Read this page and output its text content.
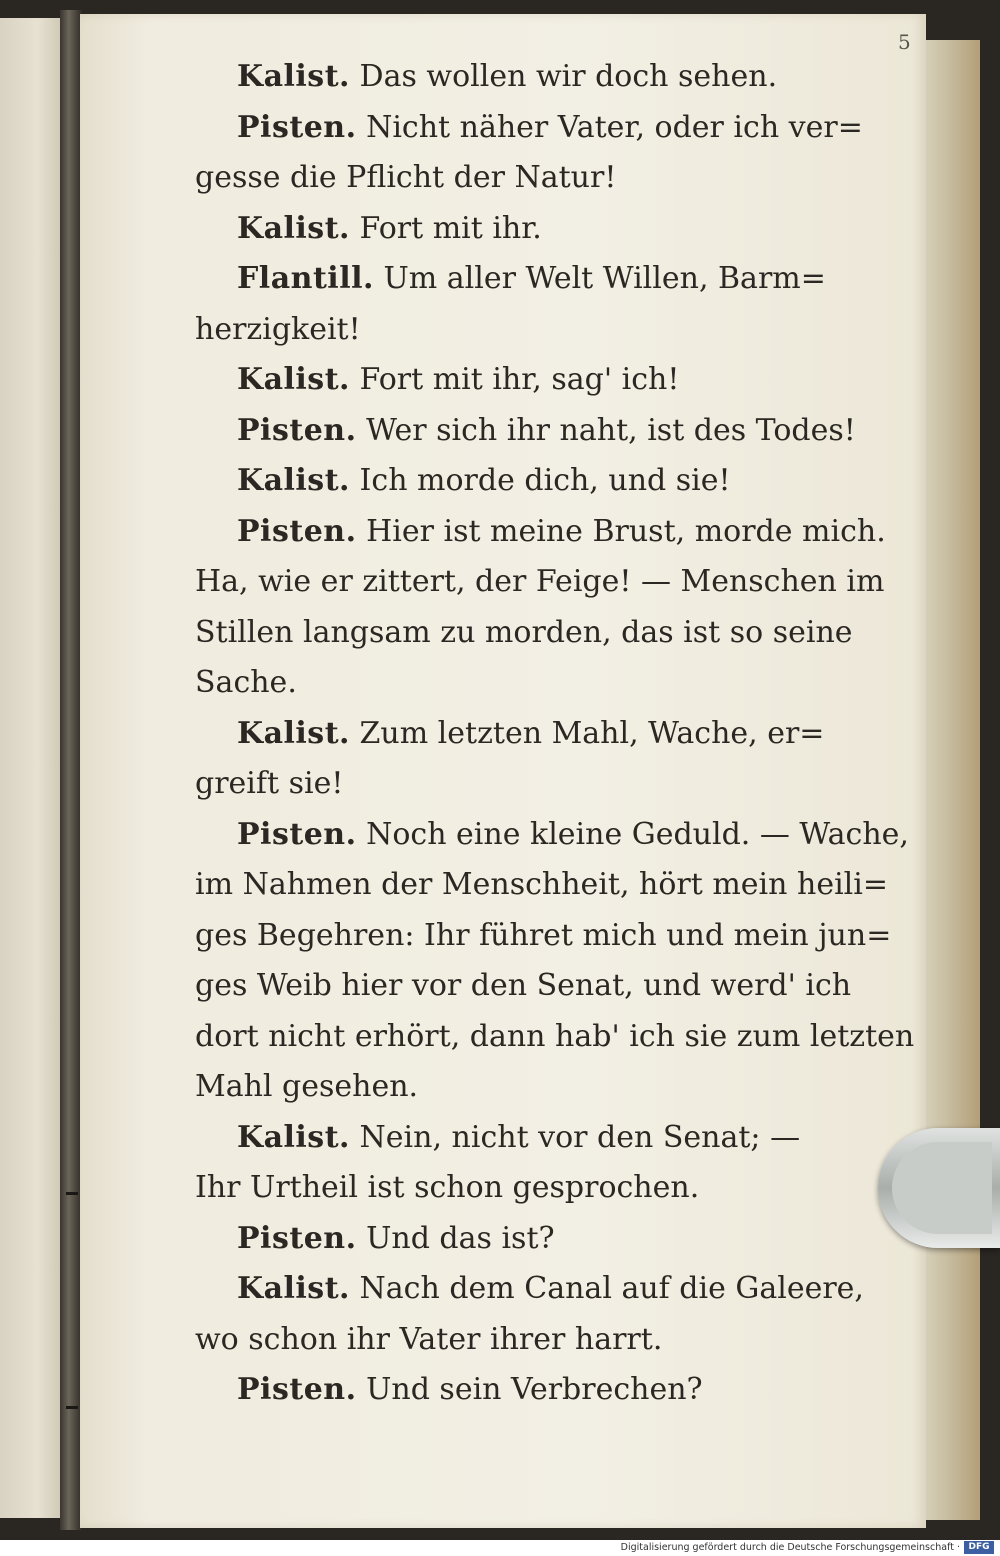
5
Kalist. Das wollen wir doch sehen.
Pisten. Nicht näher Vater, oder ich ver=
gesse die Pflicht der Natur!
Kalist. Fort mit ihr.
Flantill. Um aller Welt Willen, Barm=
herzigkeit!
Kalist. Fort mit ihr, sag' ich!
Pisten. Wer sich ihr naht, ist des Todes!
Kalist. Ich morde dich, und sie!
Pisten. Hier ist meine Brust, morde mich.
Ha, wie er zittert, der Feige! — Menschen im
Stillen langsam zu morden, das ist so seine
Sache.
Kalist. Zum letzten Mahl, Wache, er=
greift sie!
Pisten. Noch eine kleine Geduld. — Wache,
im Nahmen der Menschheit, hört mein heili=
ges Begehren: Ihr führet mich und mein jun=
ges Weib hier vor den Senat, und werd' ich
dort nicht erhört, dann hab' ich sie zum letzten
Mahl gesehen.
Kalist. Nein, nicht vor den Senat; —
Ihr Urtheil ist schon gesprochen.
Pisten. Und das ist?
Kalist. Nach dem Canal auf die Galeere,
wo schon ihr Vater ihrer harrt.
Pisten. Und sein Verbrechen?
Digitalisierung gefördert durch die Deutsche Forschungsgemeinschaft · DFG
